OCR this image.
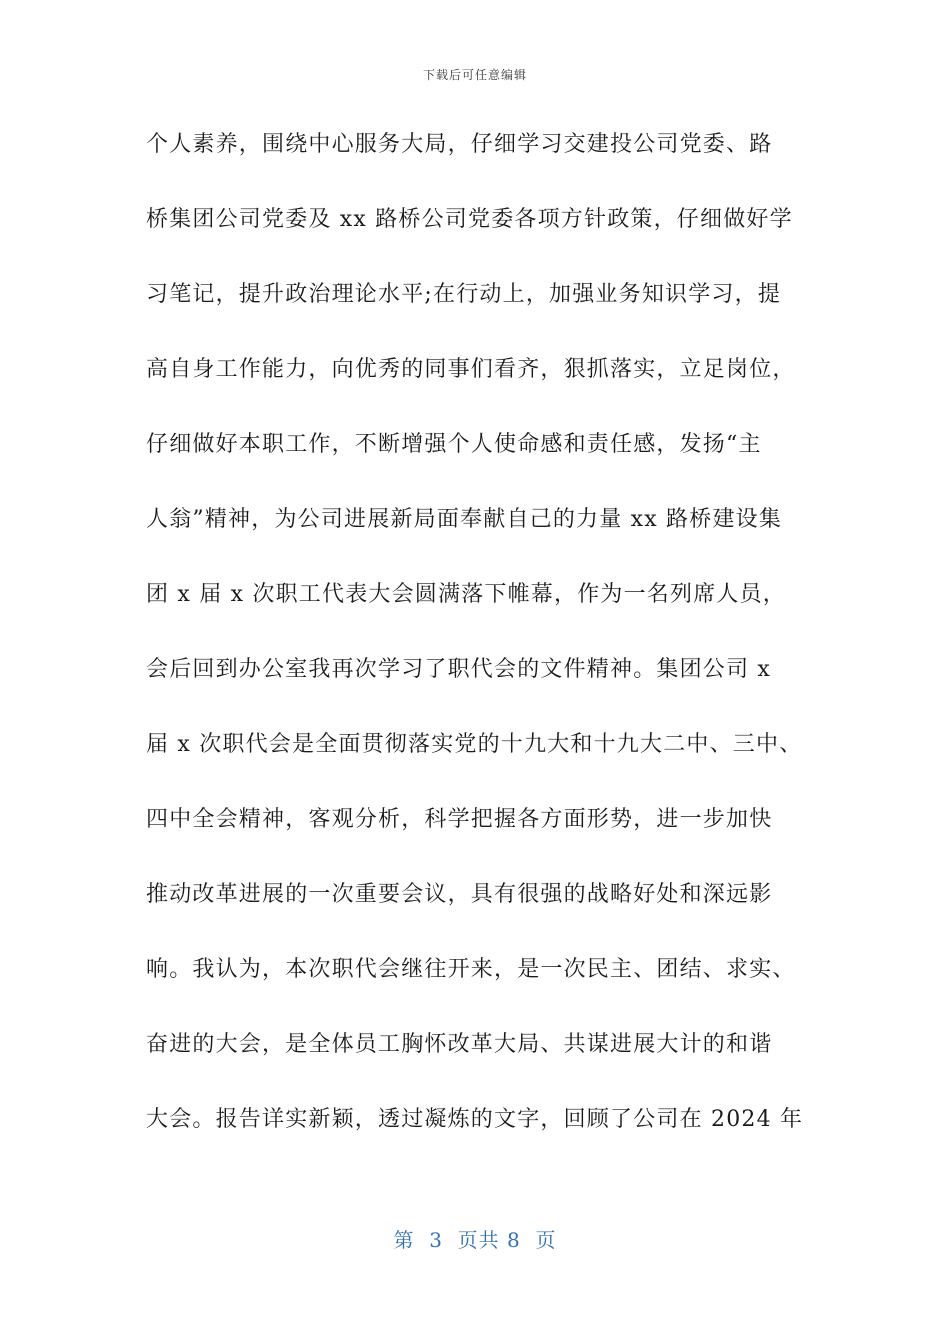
下载后可任意编辑
个人素养，围绕中心服务大局，仔细学习交建投公司党委、路
桥集团公司党委及 xx 路桥公司党委各项方针政策，仔细做好学
习笔记，提升政治理论水平;在行动上，加强业务知识学习，提
高自身工作能力，向优秀的同事们看齐，狠抓落实，立足岗位，
仔细做好本职工作，不断增强个人使命感和责任感，发扬“主
人翁”精神，为公司进展新局面奉献自己的力量 xx 路桥建设集
团 x 届 x 次职工代表大会圆满落下帷幕，作为一名列席人员，
会后回到办公室我再次学习了职代会的文件精神。集团公司 x
届 x 次职代会是全面贯彻落实党的十九大和十九大二中、三中、
四中全会精神，客观分析，科学把握各方面形势，进一步加快
推动改革进展的一次重要会议，具有很强的战略好处和深远影
响。我认为，本次职代会继往开来，是一次民主、团结、求实、
奋进的大会，是全体员工胸怀改革大局、共谋进展大计的和谐
大会。报告详实新颖，透过凝炼的文字，回顾了公司在 2024 年
第  3  页共 8  页
